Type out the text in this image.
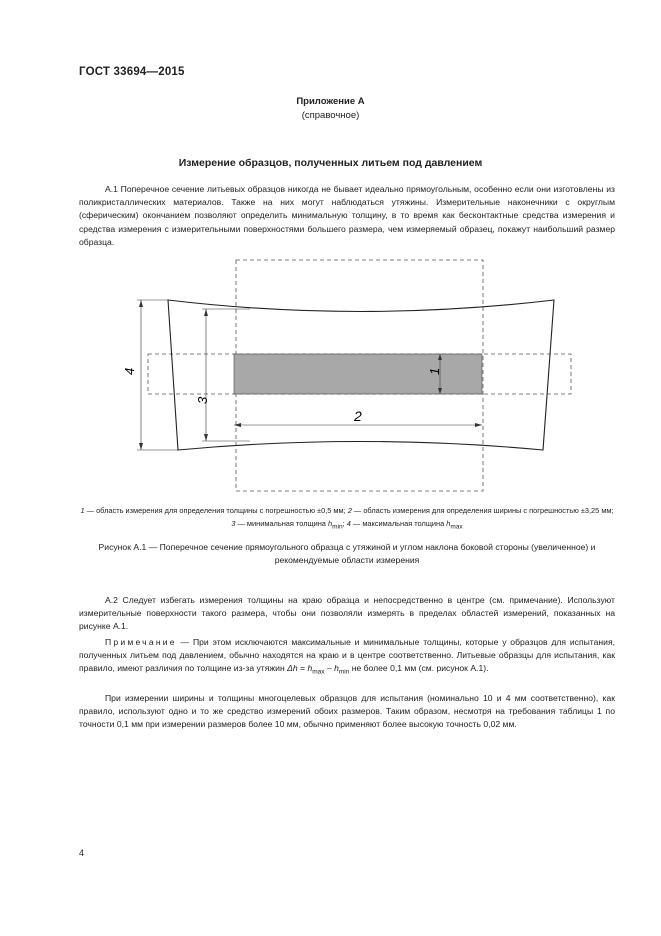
ГОСТ 33694—2015
Приложение А
(справочное)
Измерение образцов, полученных литьем под давлением
А.1 Поперечное сечение литьевых образцов никогда не бывает идеально прямоугольным, особенно если они изготовлены из поликристаллических материалов. Также на них могут наблюдаться утяжины. Измерительные наконечники с округлым (сферическим) окончанием позволяют определить минимальную толщину, в то время как бесконтактные средства измерения и средства измерения с измерительными поверхностями большего размера, чем измеряемый образец, покажут наибольший размер образца.
4
3
1
2
1 — область измерения для определения толщины с погрешностью ±0,5 мм; 2 — область измерения для определения ширины с погрешностью ±3,25 мм; 3 — минимальная толщина $h_{min}$; 4 — максимальная толщина $h_{max}$
Рисунок А.1 — Поперечное сечение прямоугольного образца с утяжиной и углом наклона боковой стороны (увеличенное) и рекомендуемые области измерения
А.2 Следует избегать измерения толщины на краю образца и непосредственно в центре (см. примечание). Используют измерительные поверхности такого размера, чтобы они позволяли измерять в пределах областей измерений, показанных на рисунке А.1.
Примечание — При этом исключаются максимальные и минимальные толщины, которые у образцов для испытания, полученных литьем под давлением, обычно находятся на краю и в центре соответственно. Литьевые образцы для испытания, как правило, имеют различия по толщине из-за утяжин $\Delta h = h_{max} - h_{min}$ не более 0,1 мм (см. рисунок А.1).
При измерении ширины и толщины многоцелевых образцов для испытания (номинально 10 и 4 мм соответственно), как правило, используют одно и то же средство измерений обоих размеров. Таким образом, несмотря на требования таблицы 1 по точности 0,1 мм при измерении размеров более 10 мм, обычно применяют более высокую точность 0,02 мм.
4
